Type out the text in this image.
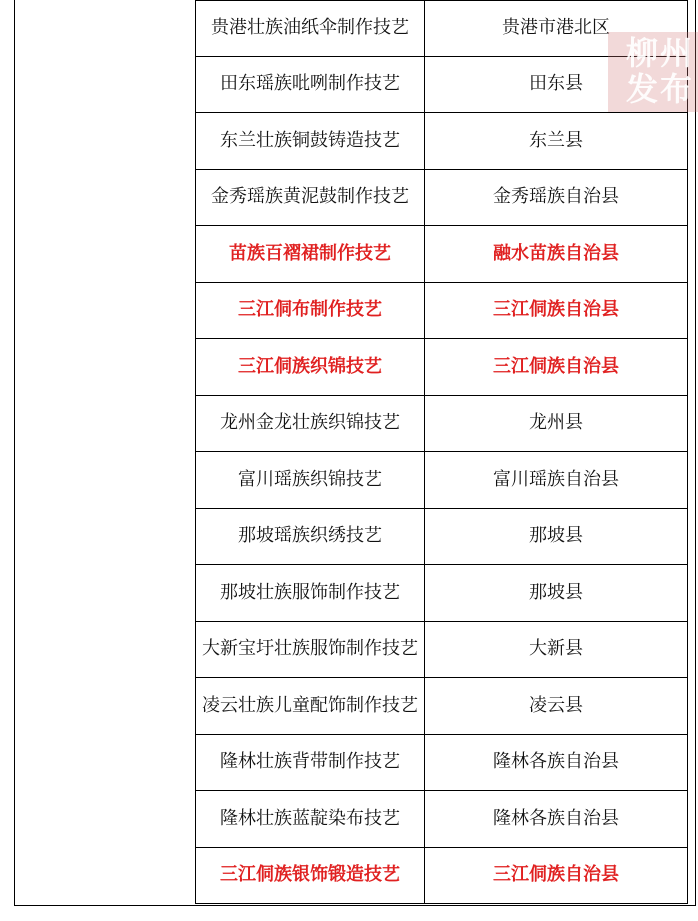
贵港壮族油纸伞制作技艺	贵港市港北区
田东瑶族吡咧制作技艺	田东县
东兰壮族铜鼓铸造技艺	东兰县
金秀瑶族黄泥鼓制作技艺	金秀瑶族自治县
苗族百褶裙制作技艺	融水苗族自治县
三江侗布制作技艺	三江侗族自治县
三江侗族织锦技艺	三江侗族自治县
龙州金龙壮族织锦技艺	龙州县
富川瑶族织锦技艺	富川瑶族自治县
那坡瑶族织绣技艺	那坡县
那坡壮族服饰制作技艺	那坡县
大新宝圩壮族服饰制作技艺	大新县
凌云壮族儿童配饰制作技艺	凌云县
隆林壮族背带制作技艺	隆林各族自治县
隆林壮族蓝靛染布技艺	隆林各族自治县
三江侗族银饰锻造技艺	三江侗族自治县
柳州
发布
